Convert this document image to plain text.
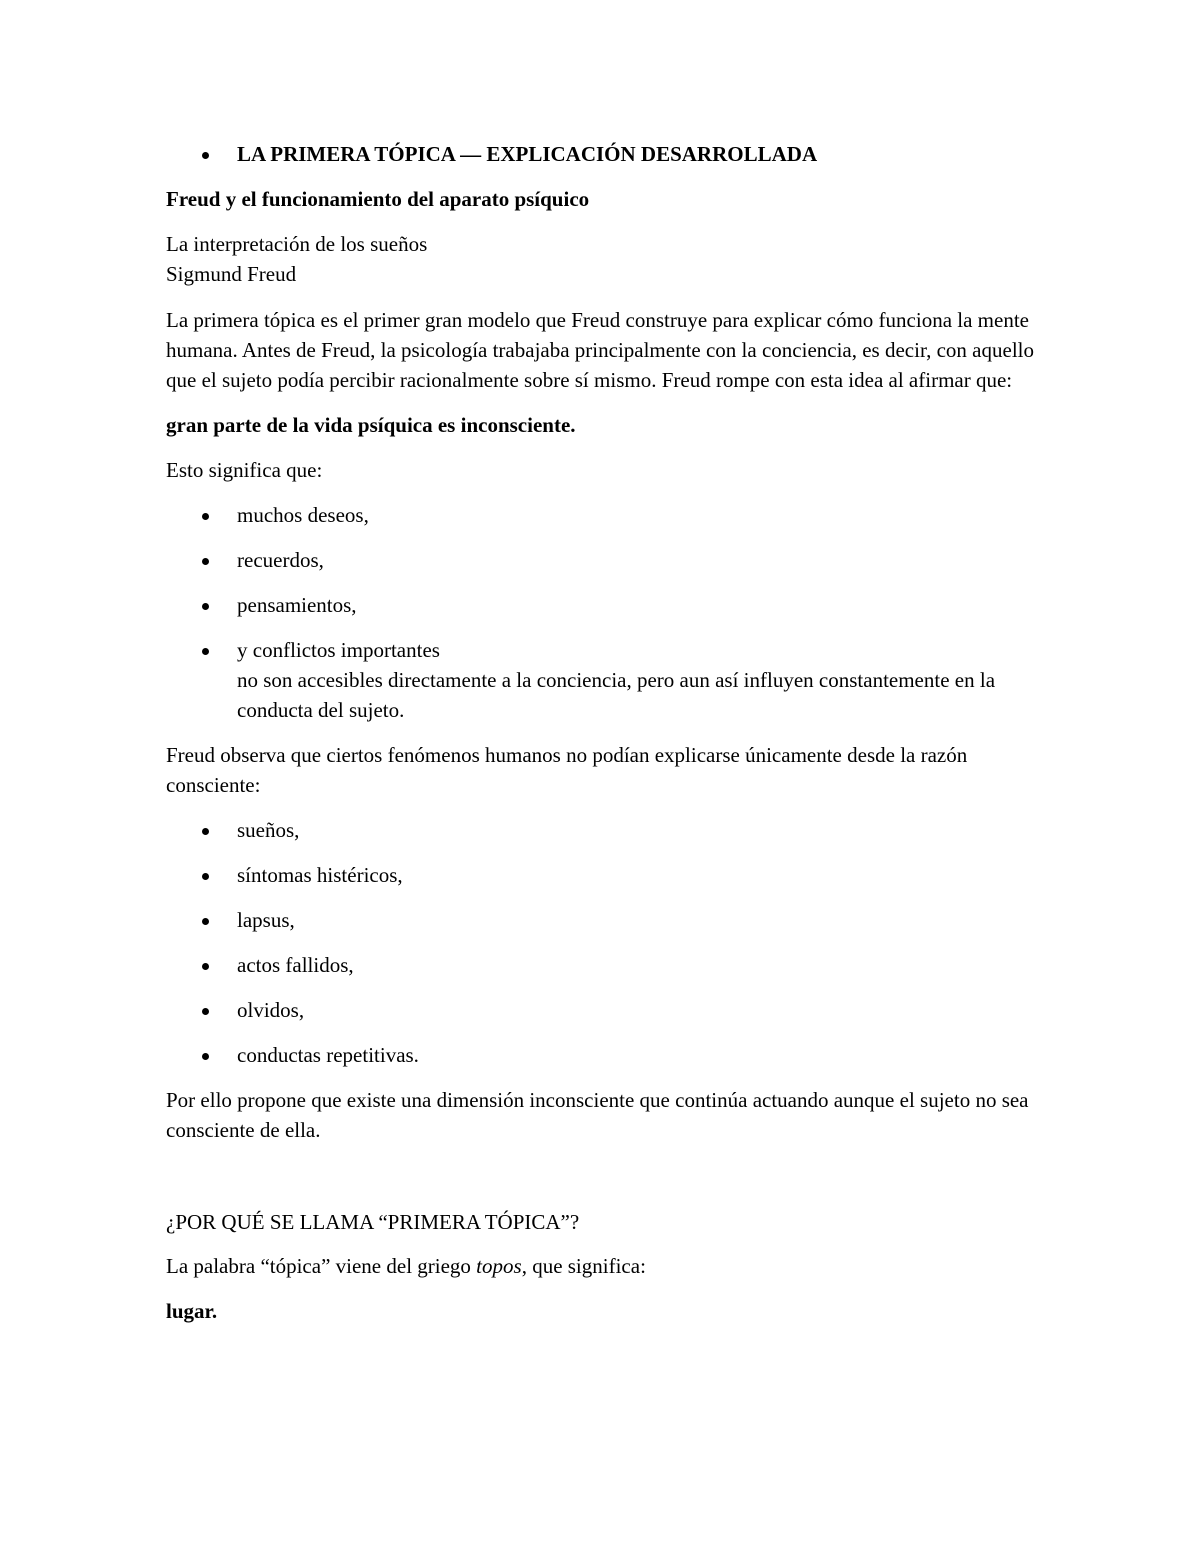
LA PRIMERA TÓPICA — EXPLICACIÓN DESARROLLADA

Freud y el funcionamiento del aparato psíquico

La interpretación de los sueños
Sigmund Freud

La primera tópica es el primer gran modelo que Freud construye para explicar cómo funciona la mente humana. Antes de Freud, la psicología trabajaba principalmente con la conciencia, es decir, con aquello que el sujeto podía percibir racionalmente sobre sí mismo. Freud rompe con esta idea al afirmar que:

gran parte de la vida psíquica es inconsciente.

Esto significa que:

muchos deseos,
recuerdos,
pensamientos,
y conflictos importantes
no son accesibles directamente a la conciencia, pero aun así influyen constantemente en la conducta del sujeto.

Freud observa que ciertos fenómenos humanos no podían explicarse únicamente desde la razón consciente:

sueños,
síntomas histéricos,
lapsus,
actos fallidos,
olvidos,
conductas repetitivas.

Por ello propone que existe una dimensión inconsciente que continúa actuando aunque el sujeto no sea consciente de ella.

¿POR QUÉ SE LLAMA “PRIMERA TÓPICA”?

La palabra “tópica” viene del griego topos, que significa:

lugar.
